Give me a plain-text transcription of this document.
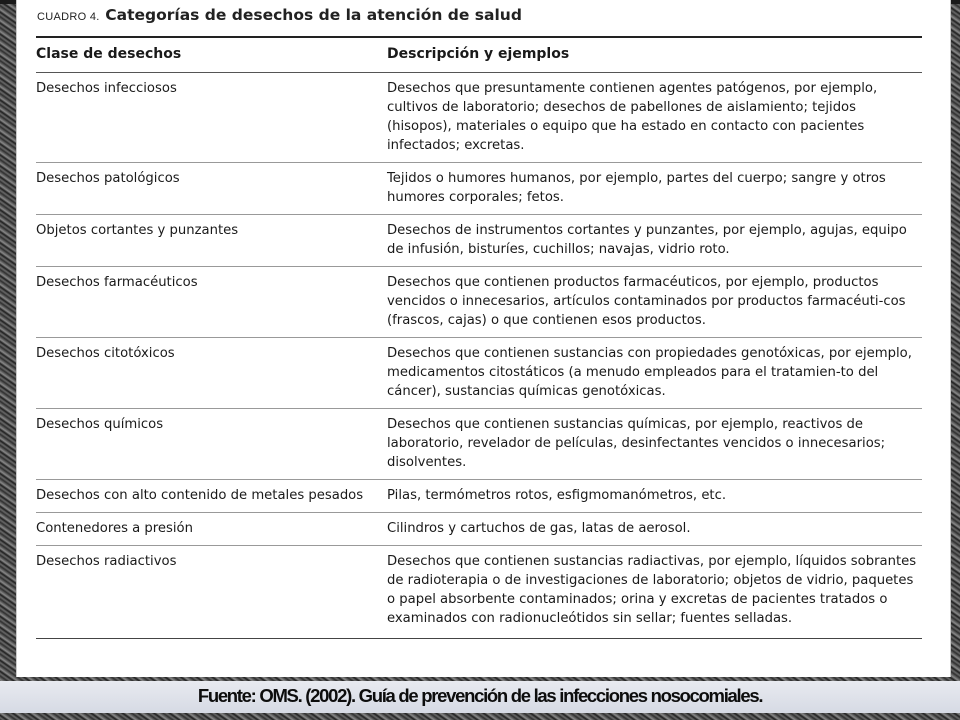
CUADRO 4. Categorías de desechos de la atención de salud
Clase de desechos	Descripción y ejemplos
Desechos infecciosos	Desechos que presuntamente contienen agentes patógenos, por ejemplo, cultivos de laboratorio; desechos de pabellones de aislamiento; tejidos (hisopos), materiales o equipo que ha estado en contacto con pacientes infectados; excretas.
Desechos patológicos	Tejidos o humores humanos, por ejemplo, partes del cuerpo; sangre y otros humores corporales; fetos.
Objetos cortantes y punzantes	Desechos de instrumentos cortantes y punzantes, por ejemplo, agujas, equipo de infusión, bisturíes, cuchillos; navajas, vidrio roto.
Desechos farmacéuticos	Desechos que contienen productos farmacéuticos, por ejemplo, productos vencidos o innecesarios, artículos contaminados por productos farmacéuti-cos (frascos, cajas) o que contienen esos productos.
Desechos citotóxicos	Desechos que contienen sustancias con propiedades genotóxicas, por ejemplo, medicamentos citostáticos (a menudo empleados para el tratamien-to del cáncer), sustancias químicas genotóxicas.
Desechos químicos	Desechos que contienen sustancias químicas, por ejemplo, reactivos de laboratorio, revelador de películas, desinfectantes vencidos o innecesarios; disolventes.
Desechos con alto contenido de metales pesados	Pilas, termómetros rotos, esfigmomanómetros, etc.
Contenedores a presión	Cilindros y cartuchos de gas, latas de aerosol.
Desechos radiactivos	Desechos que contienen sustancias radiactivas, por ejemplo, líquidos sobrantes de radioterapia o de investigaciones de laboratorio; objetos de vidrio, paquetes o papel absorbente contaminados; orina y excretas de pacientes tratados o examinados con radionucleótidos sin sellar; fuentes selladas.
Fuente: OMS. (2002). Guía de prevención de las infecciones nosocomiales.
